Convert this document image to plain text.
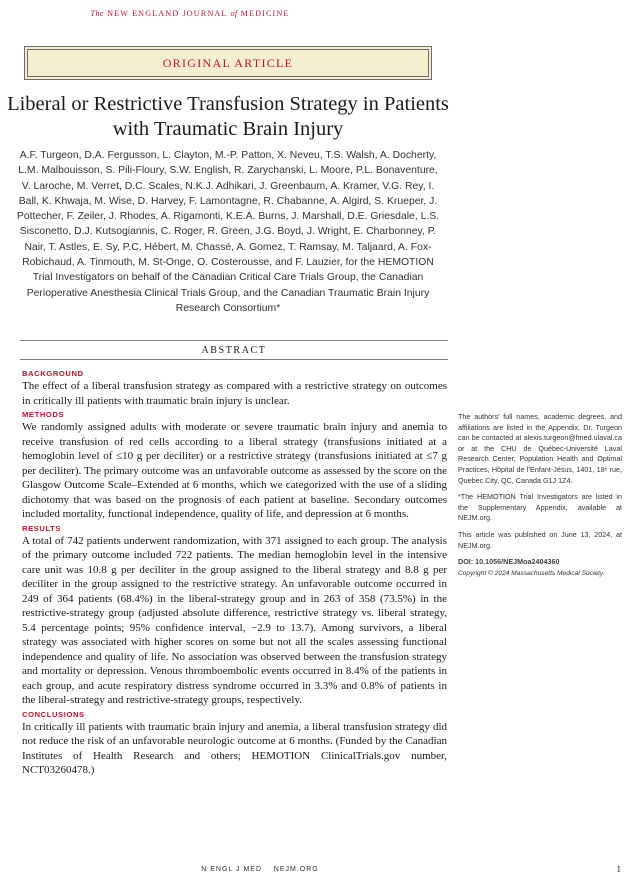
The NEW ENGLAND JOURNAL of MEDICINE
ORIGINAL ARTICLE
Liberal or Restrictive Transfusion Strategy in Patients with Traumatic Brain Injury
A.F. Turgeon, D.A. Fergusson, L. Clayton, M.-P. Patton, X. Neveu, T.S. Walsh, A. Docherty, L.M. Malbouisson, S. Pili-Floury, S.W. English, R. Zarychanski, L. Moore, P.L. Bonaventure, V. Laroche, M. Verret, D.C. Scales, N.K.J. Adhikari, J. Greenbaum, A. Kramer, V.G. Rey, I. Ball, K. Khwaja, M. Wise, D. Harvey, F. Lamontagne, R. Chabanne, A. Algird, S. Krueper, J. Pottecher, F. Zeiler, J. Rhodes, A. Rigamonti, K.E.A. Burns, J. Marshall, D.E. Griesdale, L.S. Sisconetto, D.J. Kutsogiannis, C. Roger, R. Green, J.G. Boyd, J. Wright, E. Charbonney, P. Nair, T. Astles, E. Sy, P.C. Hébert, M. Chassé, A. Gomez, T. Ramsay, M. Taljaard, A. Fox-Robichaud, A. Tinmouth, M. St-Onge, O. Costerousse, and F. Lauzier, for the HEMOTION Trial Investigators on behalf of the Canadian Critical Care Trials Group, the Canadian Perioperative Anesthesia Clinical Trials Group, and the Canadian Traumatic Brain Injury Research Consortium*
ABSTRACT

BACKGROUND

The effect of a liberal transfusion strategy as compared with a restrictive strategy on outcomes in critically ill patients with traumatic brain injury is unclear.

METHODS

We randomly assigned adults with moderate or severe traumatic brain injury and anemia to receive transfusion of red cells according to a liberal strategy (transfusions initiated at a hemoglobin level of ≤10 g per deciliter) or a restrictive strategy (transfusions initiated at ≤7 g per deciliter). The primary outcome was an unfavorable outcome as assessed by the score on the Glasgow Outcome Scale–Extended at 6 months, which we categorized with the use of a sliding dichotomy that was based on the prognosis of each patient at baseline. Secondary outcomes included mortality, functional independence, quality of life, and depression at 6 months.

RESULTS

A total of 742 patients underwent randomization, with 371 assigned to each group. The analysis of the primary outcome included 722 patients. The median hemoglobin level in the intensive care unit was 10.8 g per deciliter in the group assigned to the liberal strategy and 8.8 g per deciliter in the group assigned to the restrictive strategy. An unfavorable outcome occurred in 249 of 364 patients (68.4%) in the liberal-strategy group and in 263 of 358 (73.5%) in the restrictive-strategy group (adjusted absolute difference, restrictive strategy vs. liberal strategy, 5.4 percentage points; 95% confidence interval, −2.9 to 13.7). Among survivors, a liberal strategy was associated with higher scores on some but not all the scales assessing functional independence and quality of life. No association was observed between the transfusion strategy and mortality or depression. Venous thromboembolic events occurred in 8.4% of the patients in each group, and acute respiratory distress syndrome occurred in 3.3% and 0.8% of patients in the liberal-strategy and restrictive-strategy groups, respectively.

CONCLUSIONS

In critically ill patients with traumatic brain injury and anemia, a liberal transfusion strategy did not reduce the risk of an unfavorable neurologic outcome at 6 months. (Funded by the Canadian Institutes of Health Research and others; HEMOTION ClinicalTrials.gov number, NCT03260478.)

The authors’ full names, academic degrees, and affiliations are listed in the Appendix. Dr. Turgeon can be contacted at alexis.turgeon@fmed.ulaval.ca or at the CHU de Québec-Université Laval Research Center, Population Health and Optimal Practices, Hôpital de l’Enfant-Jésus, 1401, 18ᵉ rue, Quebec City, QC, Canada G1J 1Z4.

*The HEMOTION Trial Investigators are listed in the Supplementary Appendix, available at NEJM.org.

This article was published on June 13, 2024, at NEJM.org.

DOI: 10.1056/NEJMoa2404360

Copyright © 2024 Massachusetts Medical Society.

N ENGL J MED NEJM.ORG	1
